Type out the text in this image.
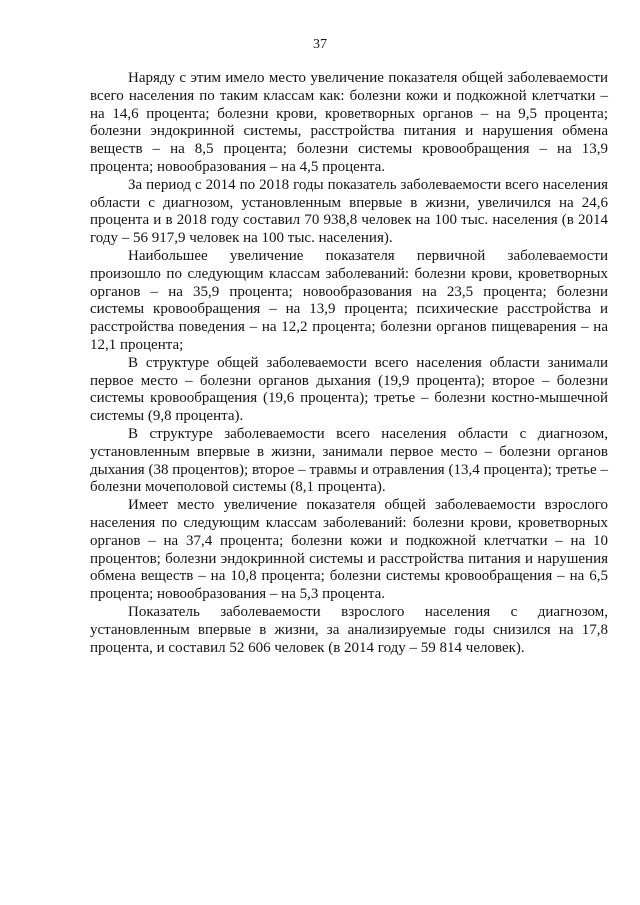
37

Наряду с этим имело место увеличение показателя общей заболеваемости всего населения по таким классам как: болезни кожи и подкожной клетчатки – на 14,6 процента; болезни крови, кроветворных органов – на 9,5 процента; болезни эндокринной системы, расстройства питания и нарушения обмена веществ – на 8,5 процента; болезни системы кровообращения – на 13,9 процента; новообразования – на 4,5 процента.

За период с 2014 по 2018 годы показатель заболеваемости всего населения области с диагнозом, установленным впервые в жизни, увеличился на 24,6 процента и в 2018 году составил 70 938,8 человек на 100 тыс. населения (в 2014 году – 56 917,9 человек на 100 тыс. населения).

Наибольшее увеличение показателя первичной заболеваемости произошло по следующим классам заболеваний: болезни крови, кроветворных органов – на 35,9 процента; новообразования на 23,5 процента; болезни системы кровообращения – на 13,9 процента; психические расстройства и расстройства поведения – на 12,2 процента; болезни органов пищеварения – на 12,1 процента;

В структуре общей заболеваемости всего населения области занимали первое место – болезни органов дыхания (19,9 процента); второе – болезни системы кровообращения (19,6 процента); третье – болезни костно-мышечной системы (9,8 процента).

В структуре заболеваемости всего населения области с диагнозом, установленным впервые в жизни, занимали первое место – болезни органов дыхания (38 процентов); второе – травмы и отравления (13,4 процента); третье – болезни мочеполовой системы (8,1 процента).

Имеет место увеличение показателя общей заболеваемости взрослого населения по следующим классам заболеваний: болезни крови, кроветворных органов – на 37,4 процента; болезни кожи и подкожной клетчатки – на 10 процентов; болезни эндокринной системы и расстройства питания и нарушения обмена веществ – на 10,8 процента; болезни системы кровообращения – на 6,5 процента; новообразования – на 5,3 процента.

Показатель заболеваемости взрослого населения с диагнозом, установленным впервые в жизни, за анализируемые годы снизился на 17,8 процента, и составил 52 606 человек (в 2014 году – 59 814 человек).
